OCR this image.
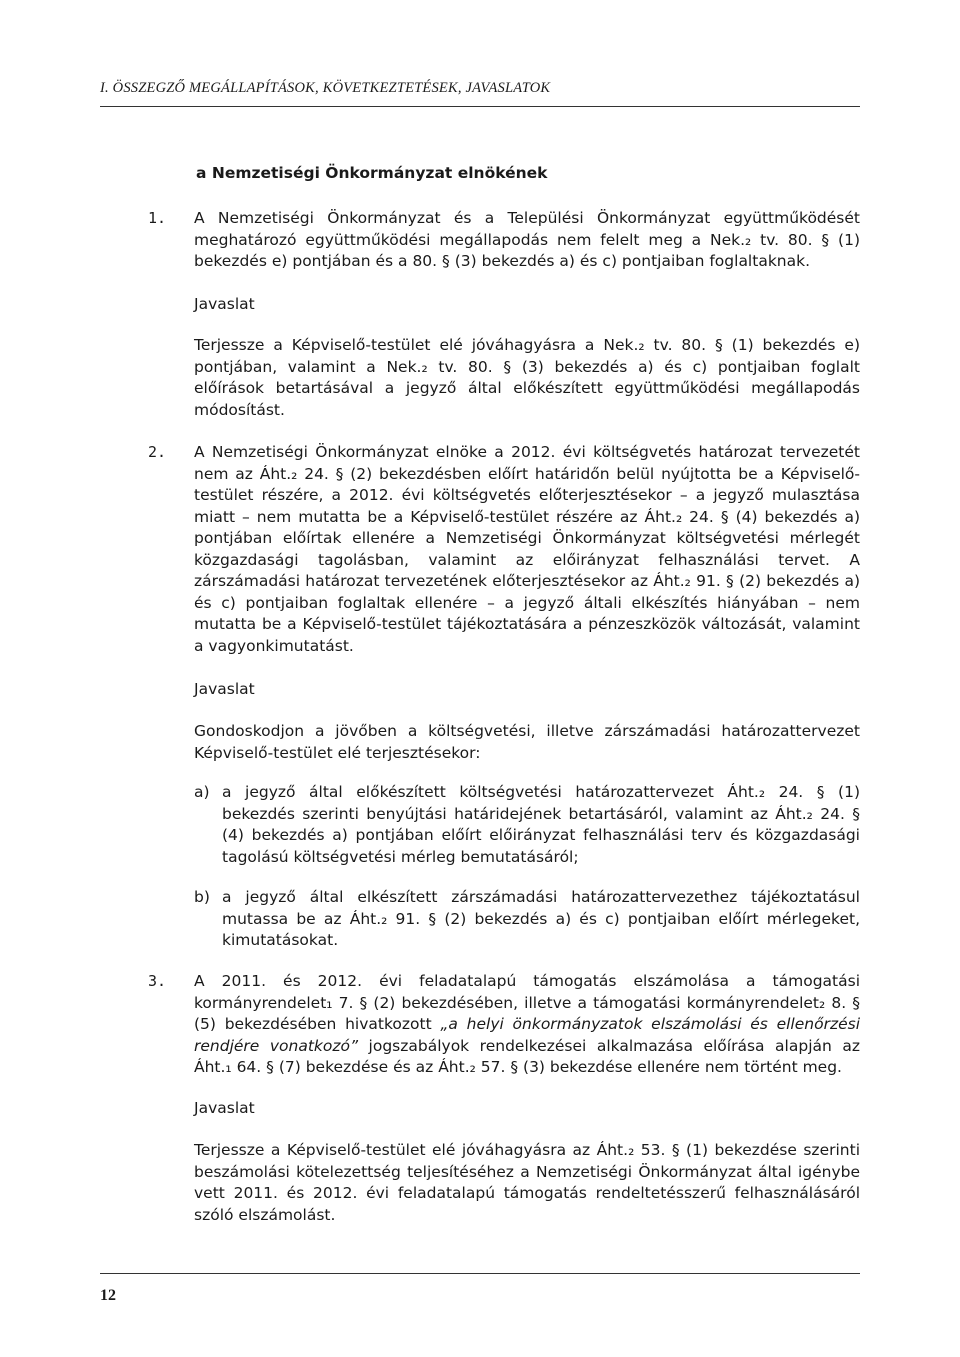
I. ÖSSZEGZŐ MEGÁLLAPÍTÁSOK, KÖVETKEZTETÉSEK, JAVASLATOK
a Nemzetiségi Önkormányzat elnökének
1.	A Nemzetiségi Önkormányzat és a Települési Önkormányzat együttműködését meghatározó együttműködési megállapodás nem felelt meg a Nek.₂ tv. 80. § (1) bekezdés e) pontjában és a 80. § (3) bekezdés a) és c) pontjaiban foglaltaknak.
Javaslat
Terjessze a Képviselő-testület elé jóváhagyásra a Nek.₂ tv. 80. § (1) bekezdés e) pontjában, valamint a Nek.₂ tv. 80. § (3) bekezdés a) és c) pontjaiban foglalt előírások betartásával a jegyző által előkészített együttműködési megállapodás módosítást.
2.	A Nemzetiségi Önkormányzat elnöke a 2012. évi költségvetés határozat tervezetét nem az Áht.₂ 24. § (2) bekezdésben előírt határidőn belül nyújtotta be a Képviselő-testület részére, a 2012. évi költségvetés előterjesztésekor – a jegyző mulasztása miatt – nem mutatta be a Képviselő-testület részére az Áht.₂ 24. § (4) bekezdés a) pontjában előírtak ellenére a Nemzetiségi Önkormányzat költségvetési mérlegét közgazdasági tagolásban, valamint az előirányzat felhasználási tervet. A zárszámadási határozat tervezetének előterjesztésekor az Áht.₂ 91. § (2) bekezdés a) és c) pontjaiban foglaltak ellenére – a jegyző általi elkészítés hiányában – nem mutatta be a Képviselő-testület tájékoztatására a pénzeszközök változását, valamint a vagyonkimutatást.
Javaslat
Gondoskodjon a jövőben a költségvetési, illetve zárszámadási határozattervezet Képviselő-testület elé terjesztésekor:
a) a jegyző által előkészített költségvetési határozattervezet Áht.₂ 24. § (1) bekezdés szerinti benyújtási határidejének betartásáról, valamint az Áht.₂ 24. § (4) bekezdés a) pontjában előírt előirányzat felhasználási terv és közgazdasági tagolású költségvetési mérleg bemutatásáról;
b) a jegyző által elkészített zárszámadási határozattervezethez tájékoztatásul mutassa be az Áht.₂ 91. § (2) bekezdés a) és c) pontjaiban előírt mérlegeket, kimutatásokat.
3.	A 2011. és 2012. évi feladatalapú támogatás elszámolása a támogatási kormányrendelet₁ 7. § (2) bekezdésében, illetve a támogatási kormányrendelet₂ 8. § (5) bekezdésében hivatkozott „a helyi önkormányzatok elszámolási és ellenőrzési rendjére vonatkozó” jogszabályok rendelkezései alkalmazása előírása alapján az Áht.₁ 64. § (7) bekezdése és az Áht.₂ 57. § (3) bekezdése ellenére nem történt meg.
Javaslat
Terjessze a Képviselő-testület elé jóváhagyásra az Áht.₂ 53. § (1) bekezdése szerinti beszámolási kötelezettség teljesítéséhez a Nemzetiségi Önkormányzat által igénybe vett 2011. és 2012. évi feladatalapú támogatás rendeltetésszerű felhasználásáról szóló elszámolást.
12
